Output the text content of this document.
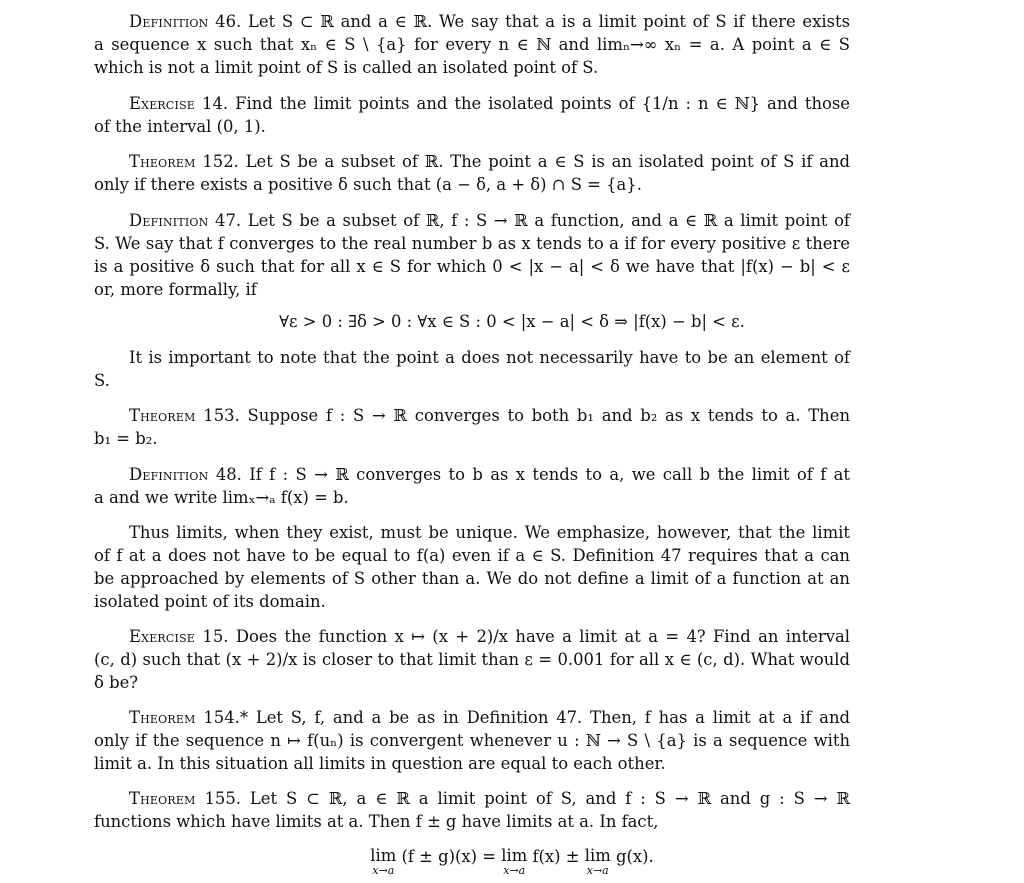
Definition 46. Let S ⊂ ℝ and a ∈ ℝ. We say that a is a limit point of S if there exists
a sequence x such that xₙ ∈ S \ {a} for every n ∈ ℕ and limₙ→∞ xₙ = a. A point a ∈ S
which is not a limit point of S is called an isolated point of S.
Exercise 14. Find the limit points and the isolated points of {1/n : n ∈ ℕ} and those
of the interval (0, 1).
Theorem 152. Let S be a subset of ℝ. The point a ∈ S is an isolated point of S if and
only if there exists a positive δ such that (a − δ, a + δ) ∩ S = {a}.
Definition 47. Let S be a subset of ℝ, f : S → ℝ a function, and a ∈ ℝ a limit point of
S. We say that f converges to the real number b as x tends to a if for every positive ε there
is a positive δ such that for all x ∈ S for which 0 < |x − a| < δ we have that |f(x) − b| < ε
or, more formally, if
∀ε > 0 : ∃δ > 0 : ∀x ∈ S : 0 < |x − a| < δ ⇒ |f(x) − b| < ε.
It is important to note that the point a does not necessarily have to be an element of
S.
Theorem 153. Suppose f : S → ℝ converges to both b₁ and b₂ as x tends to a. Then
b₁ = b₂.
Definition 48. If f : S → ℝ converges to b as x tends to a, we call b the limit of f at
a and we write limₓ→ₐ f(x) = b.
Thus limits, when they exist, must be unique. We emphasize, however, that the limit
of f at a does not have to be equal to f(a) even if a ∈ S. Definition 47 requires that a can
be approached by elements of S other than a. We do not define a limit of a function at an
isolated point of its domain.
Exercise 15. Does the function x ↦ (x + 2)/x have a limit at a = 4? Find an interval
(c, d) such that (x + 2)/x is closer to that limit than ε = 0.001 for all x ∈ (c, d). What would
δ be?
Theorem 154.* Let S, f, and a be as in Definition 47. Then, f has a limit at a if and
only if the sequence n ↦ f(uₙ) is convergent whenever u : ℕ → S \ {a} is a sequence with
limit a. In this situation all limits in question are equal to each other.
Theorem 155. Let S ⊂ ℝ, a ∈ ℝ a limit point of S, and f : S → ℝ and g : S → ℝ
functions which have limits at a. Then f ± g have limits at a. In fact,
lim
x→a
(f ± g)(x) = lim
x→a
f(x) ± lim
x→a
g(x).
